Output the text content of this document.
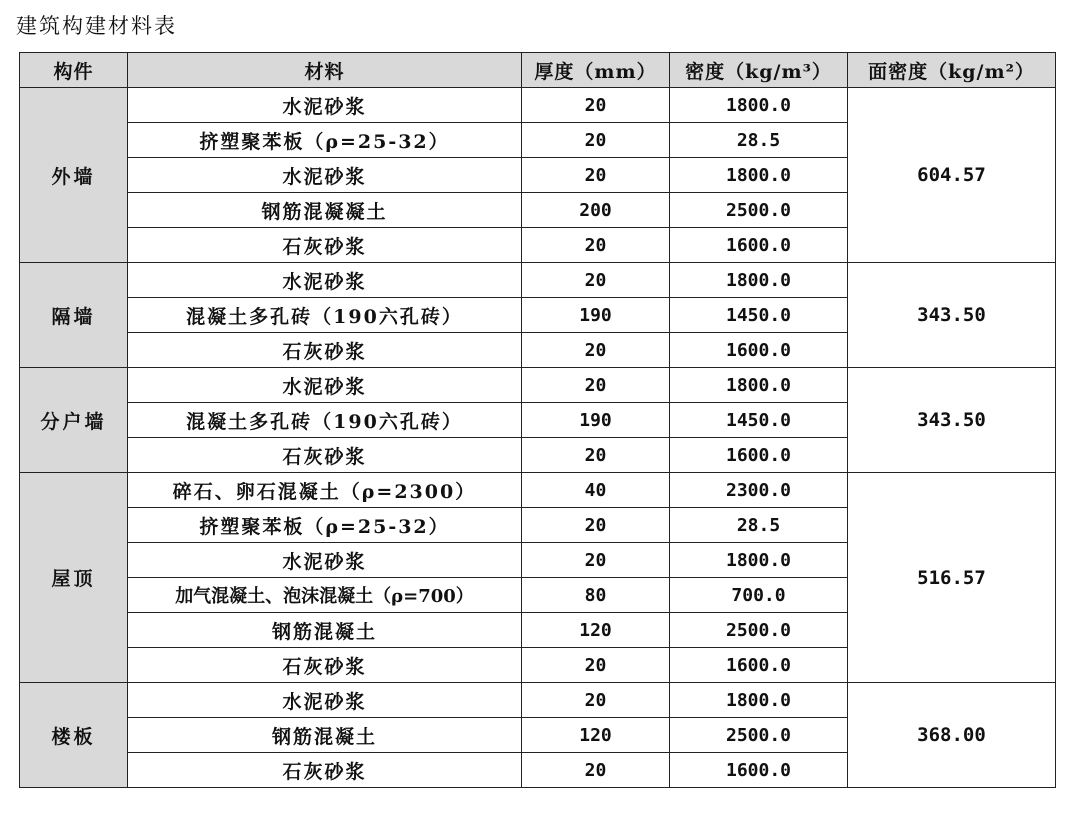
建筑构建材料表
构件	材料	厚度（mm）	密度（kg/m³）	面密度（kg/m²）
外墙	水泥砂浆	20	1800.0	604.57
	挤塑聚苯板（ρ=25-32）	20	28.5	
	水泥砂浆	20	1800.0	
	钢筋混凝凝土	200	2500.0	
	石灰砂浆	20	1600.0	
隔墙	水泥砂浆	20	1800.0	343.50
	混凝土多孔砖（190六孔砖）	190	1450.0	
	石灰砂浆	20	1600.0	
分户墙	水泥砂浆	20	1800.0	343.50
	混凝土多孔砖（190六孔砖）	190	1450.0	
	石灰砂浆	20	1600.0	
屋顶	碎石、卵石混凝土（ρ=2300）	40	2300.0	516.57
	挤塑聚苯板（ρ=25-32）	20	28.5	
	水泥砂浆	20	1800.0	
	加气混凝土、泡沫混凝土（ρ=700）	80	700.0	
	钢筋混凝土	120	2500.0	
	石灰砂浆	20	1600.0	
楼板	水泥砂浆	20	1800.0	368.00
	钢筋混凝土	120	2500.0	
	石灰砂浆	20	1600.0	
